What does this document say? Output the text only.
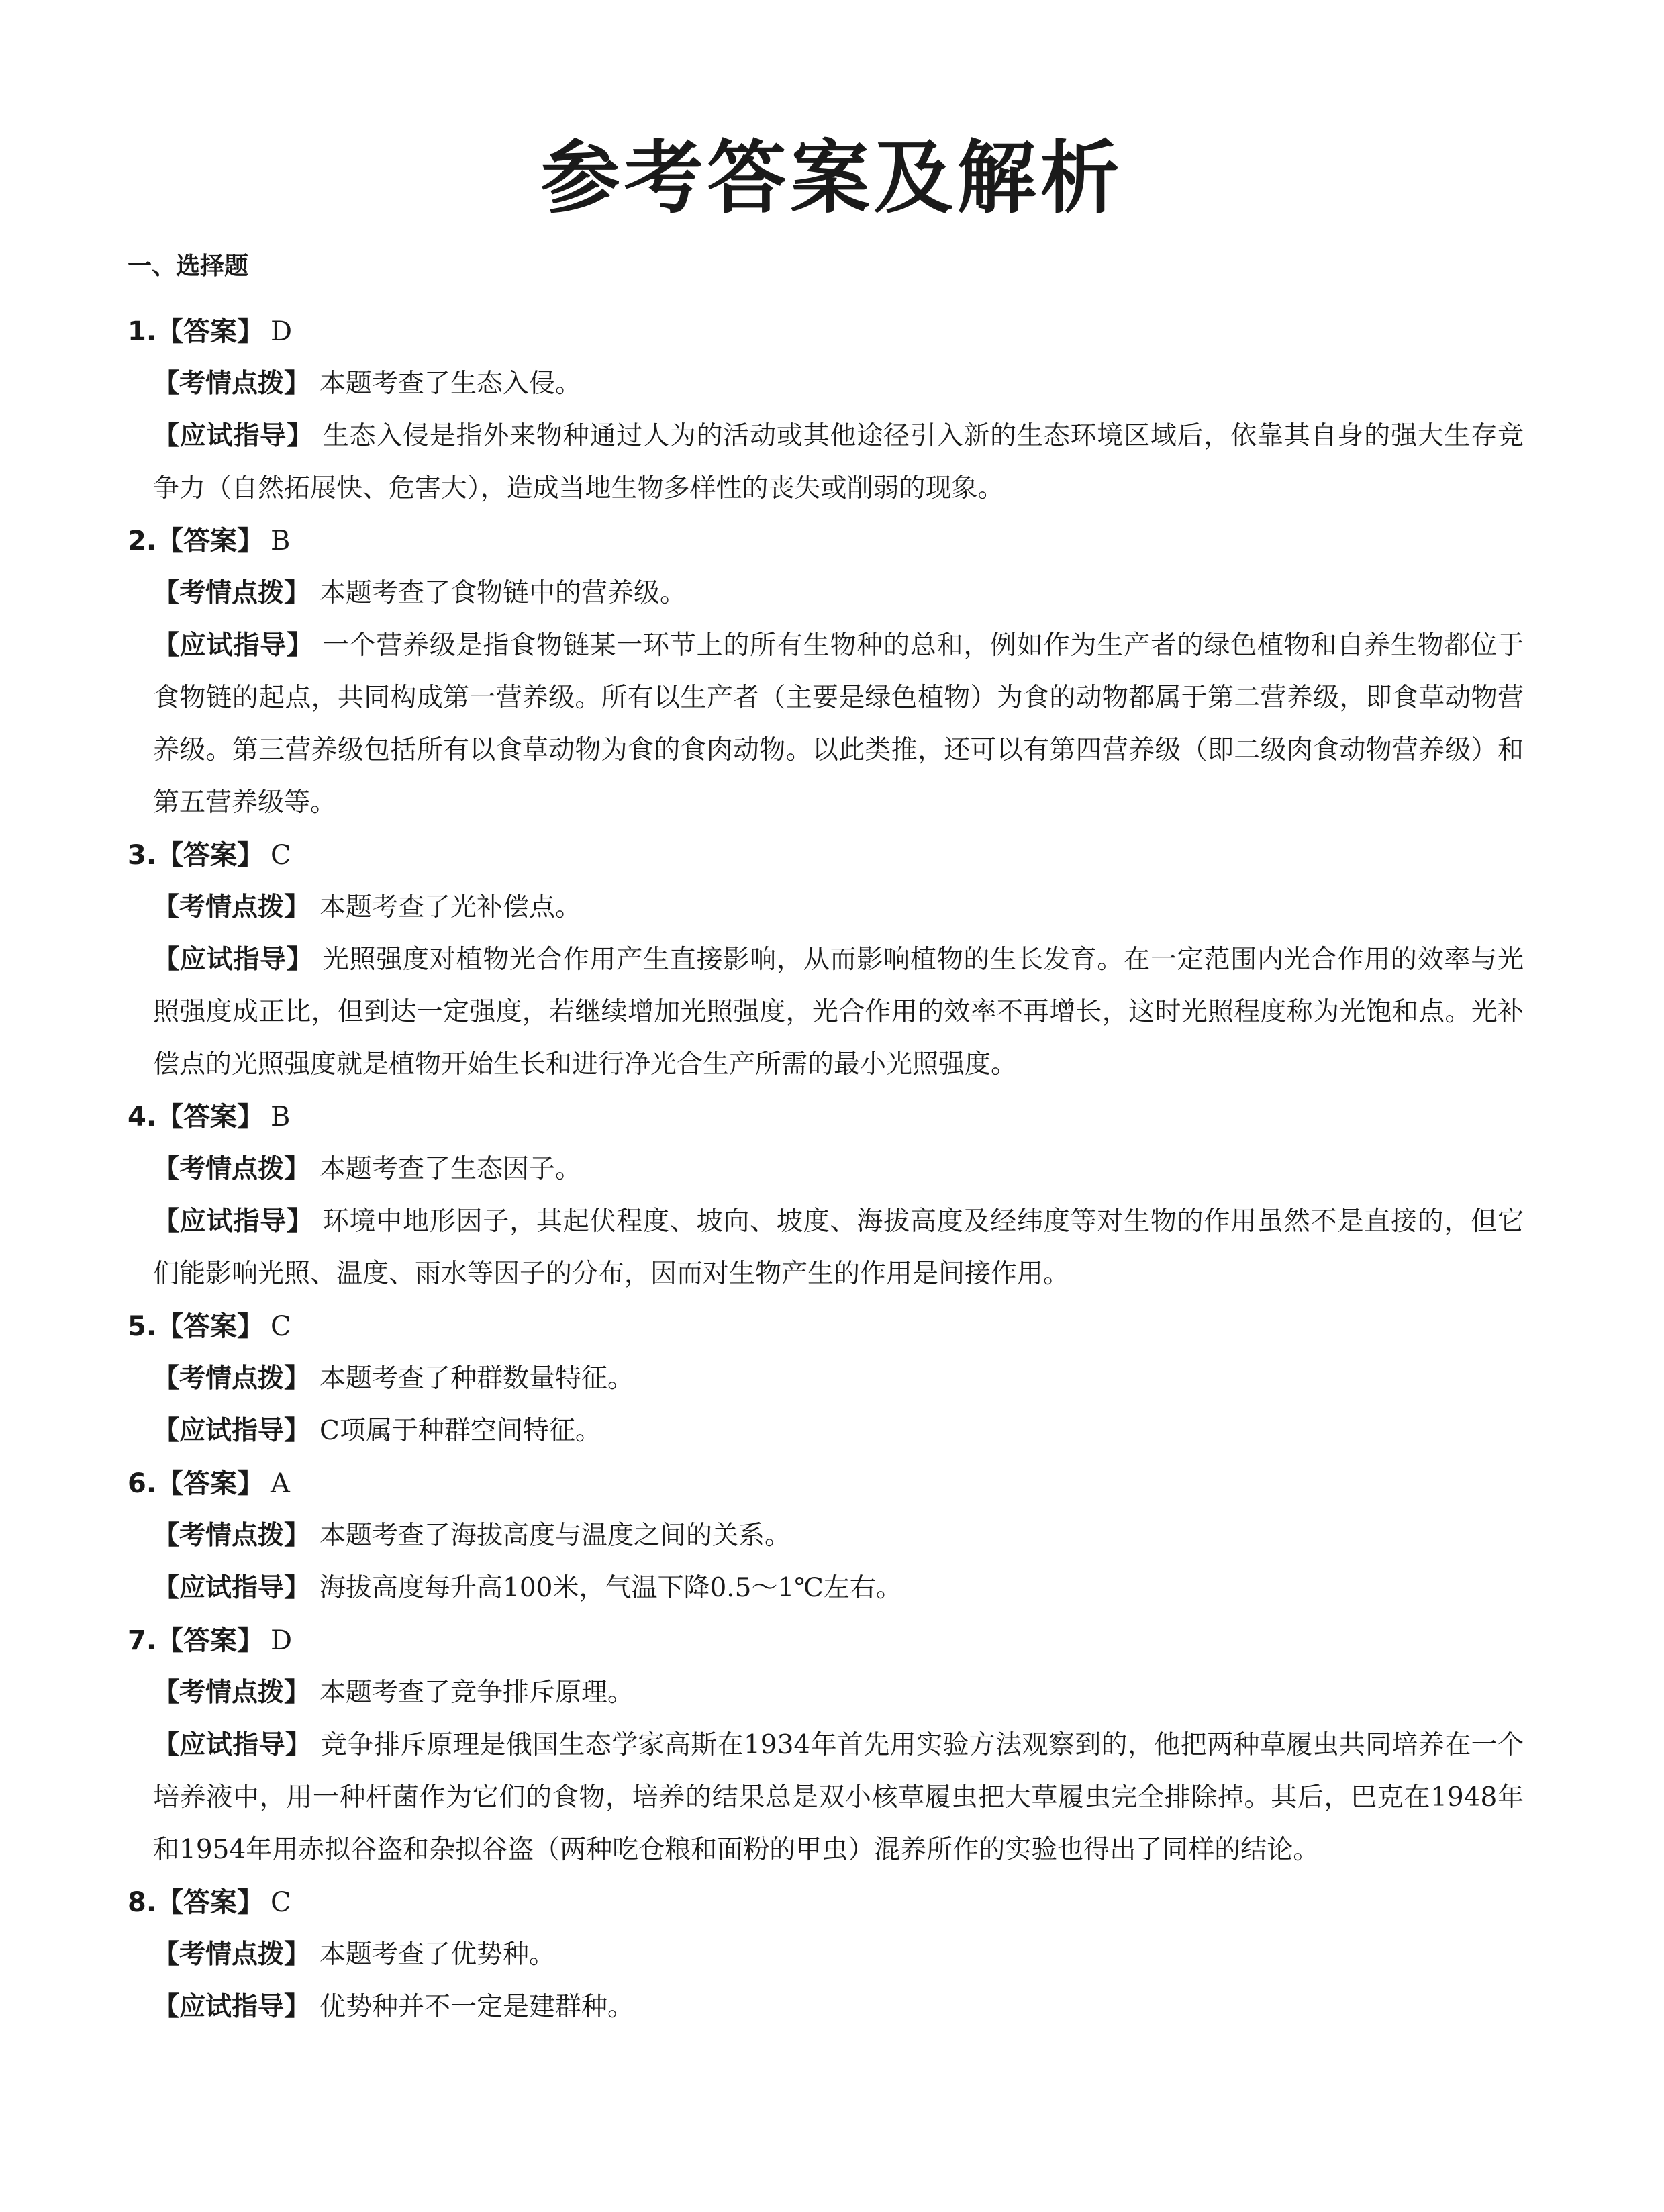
参考答案及解析
一、选择题
1.【答案】 D
【考情点拨】 本题考查了生态入侵。
【应试指导】 生态入侵是指外来物种通过人为的活动或其他途径引入新的生态环境区域后，依靠其自身的强大生存竞争力（自然拓展快、危害大），造成当地生物多样性的丧失或削弱的现象。
2.【答案】 B
【考情点拨】 本题考查了食物链中的营养级。
【应试指导】 一个营养级是指食物链某一环节上的所有生物种的总和，例如作为生产者的绿色植物和自养生物都位于食物链的起点，共同构成第一营养级。所有以生产者（主要是绿色植物）为食的动物都属于第二营养级，即食草动物营养级。第三营养级包括所有以食草动物为食的食肉动物。以此类推，还可以有第四营养级（即二级肉食动物营养级）和第五营养级等。
3.【答案】 C
【考情点拨】 本题考查了光补偿点。
【应试指导】 光照强度对植物光合作用产生直接影响，从而影响植物的生长发育。在一定范围内光合作用的效率与光照强度成正比，但到达一定强度，若继续增加光照强度，光合作用的效率不再增长，这时光照程度称为光饱和点。光补偿点的光照强度就是植物开始生长和进行净光合生产所需的最小光照强度。
4.【答案】 B
【考情点拨】 本题考查了生态因子。
【应试指导】 环境中地形因子，其起伏程度、坡向、坡度、海拔高度及经纬度等对生物的作用虽然不是直接的，但它们能影响光照、温度、雨水等因子的分布，因而对生物产生的作用是间接作用。
5.【答案】 C
【考情点拨】 本题考查了种群数量特征。
【应试指导】 C项属于种群空间特征。
6.【答案】 A
【考情点拨】 本题考查了海拔高度与温度之间的关系。
【应试指导】 海拔高度每升高100米，气温下降0.5～1℃左右。
7.【答案】 D
【考情点拨】 本题考查了竞争排斥原理。
【应试指导】 竞争排斥原理是俄国生态学家高斯在1934年首先用实验方法观察到的，他把两种草履虫共同培养在一个培养液中，用一种杆菌作为它们的食物，培养的结果总是双小核草履虫把大草履虫完全排除掉。其后，巴克在1948年和1954年用赤拟谷盗和杂拟谷盗（两种吃仓粮和面粉的甲虫）混养所作的实验也得出了同样的结论。
8.【答案】 C
【考情点拨】 本题考查了优势种。
【应试指导】 优势种并不一定是建群种。
